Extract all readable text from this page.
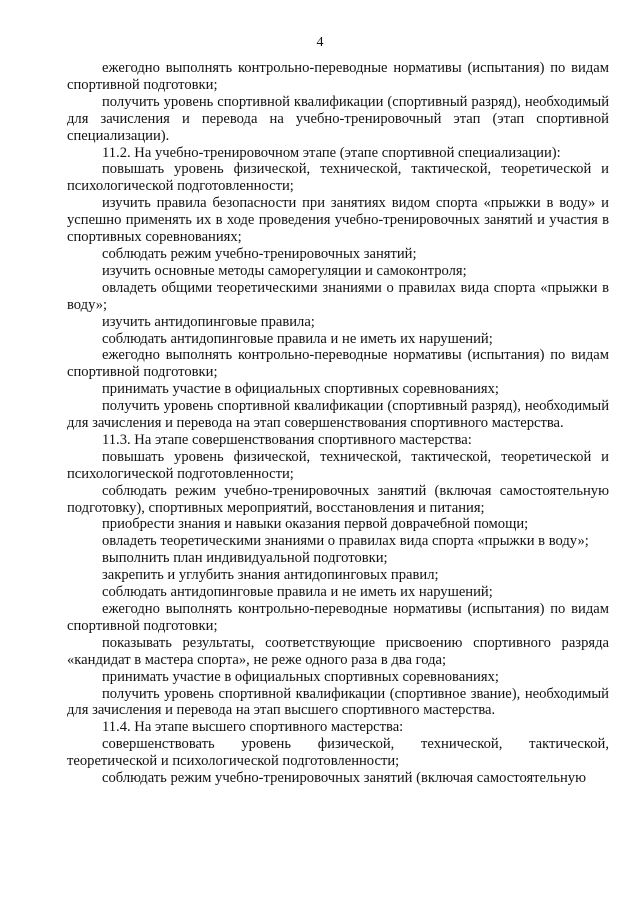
4

ежегодно выполнять контрольно-переводные нормативы (испытания) по видам спортивной подготовки;

получить уровень спортивной квалификации (спортивный разряд), необходимый для зачисления и перевода на учебно-тренировочный этап (этап спортивной специализации).

11.2. На учебно-тренировочном этапе (этапе спортивной специализации):

повышать уровень физической, технической, тактической, теоретической и психологической подготовленности;

изучить правила безопасности при занятиях видом спорта «прыжки в воду» и успешно применять их в ходе проведения учебно-тренировочных занятий и участия в спортивных соревнованиях;

соблюдать режим учебно-тренировочных занятий;

изучить основные методы саморегуляции и самоконтроля;

овладеть общими теоретическими знаниями о правилах вида спорта «прыжки в воду»;

изучить антидопинговые правила;

соблюдать антидопинговые правила и не иметь их нарушений;

ежегодно выполнять контрольно-переводные нормативы (испытания) по видам спортивной подготовки;

принимать участие в официальных спортивных соревнованиях;

получить уровень спортивной квалификации (спортивный разряд), необходимый для зачисления и перевода на этап совершенствования спортивного мастерства.

11.3. На этапе совершенствования спортивного мастерства:

повышать уровень физической, технической, тактической, теоретической и психологической подготовленности;

соблюдать режим учебно-тренировочных занятий (включая самостоятельную подготовку), спортивных мероприятий, восстановления и питания;

приобрести знания и навыки оказания первой доврачебной помощи;

овладеть теоретическими знаниями о правилах вида спорта «прыжки в воду»;

выполнить план индивидуальной подготовки;

закрепить и углубить знания антидопинговых правил;

соблюдать антидопинговые правила и не иметь их нарушений;

ежегодно выполнять контрольно-переводные нормативы (испытания) по видам спортивной подготовки;

показывать результаты, соответствующие присвоению спортивного разряда «кандидат в мастера спорта», не реже одного раза в два года;

принимать участие в официальных спортивных соревнованиях;

получить уровень спортивной квалификации (спортивное звание), необходимый для зачисления и перевода на этап высшего спортивного мастерства.

11.4. На этапе высшего спортивного мастерства:

совершенствовать уровень физической, технической, тактической, теоретической и психологической подготовленности;

соблюдать режим учебно-тренировочных занятий (включая самостоятельную
